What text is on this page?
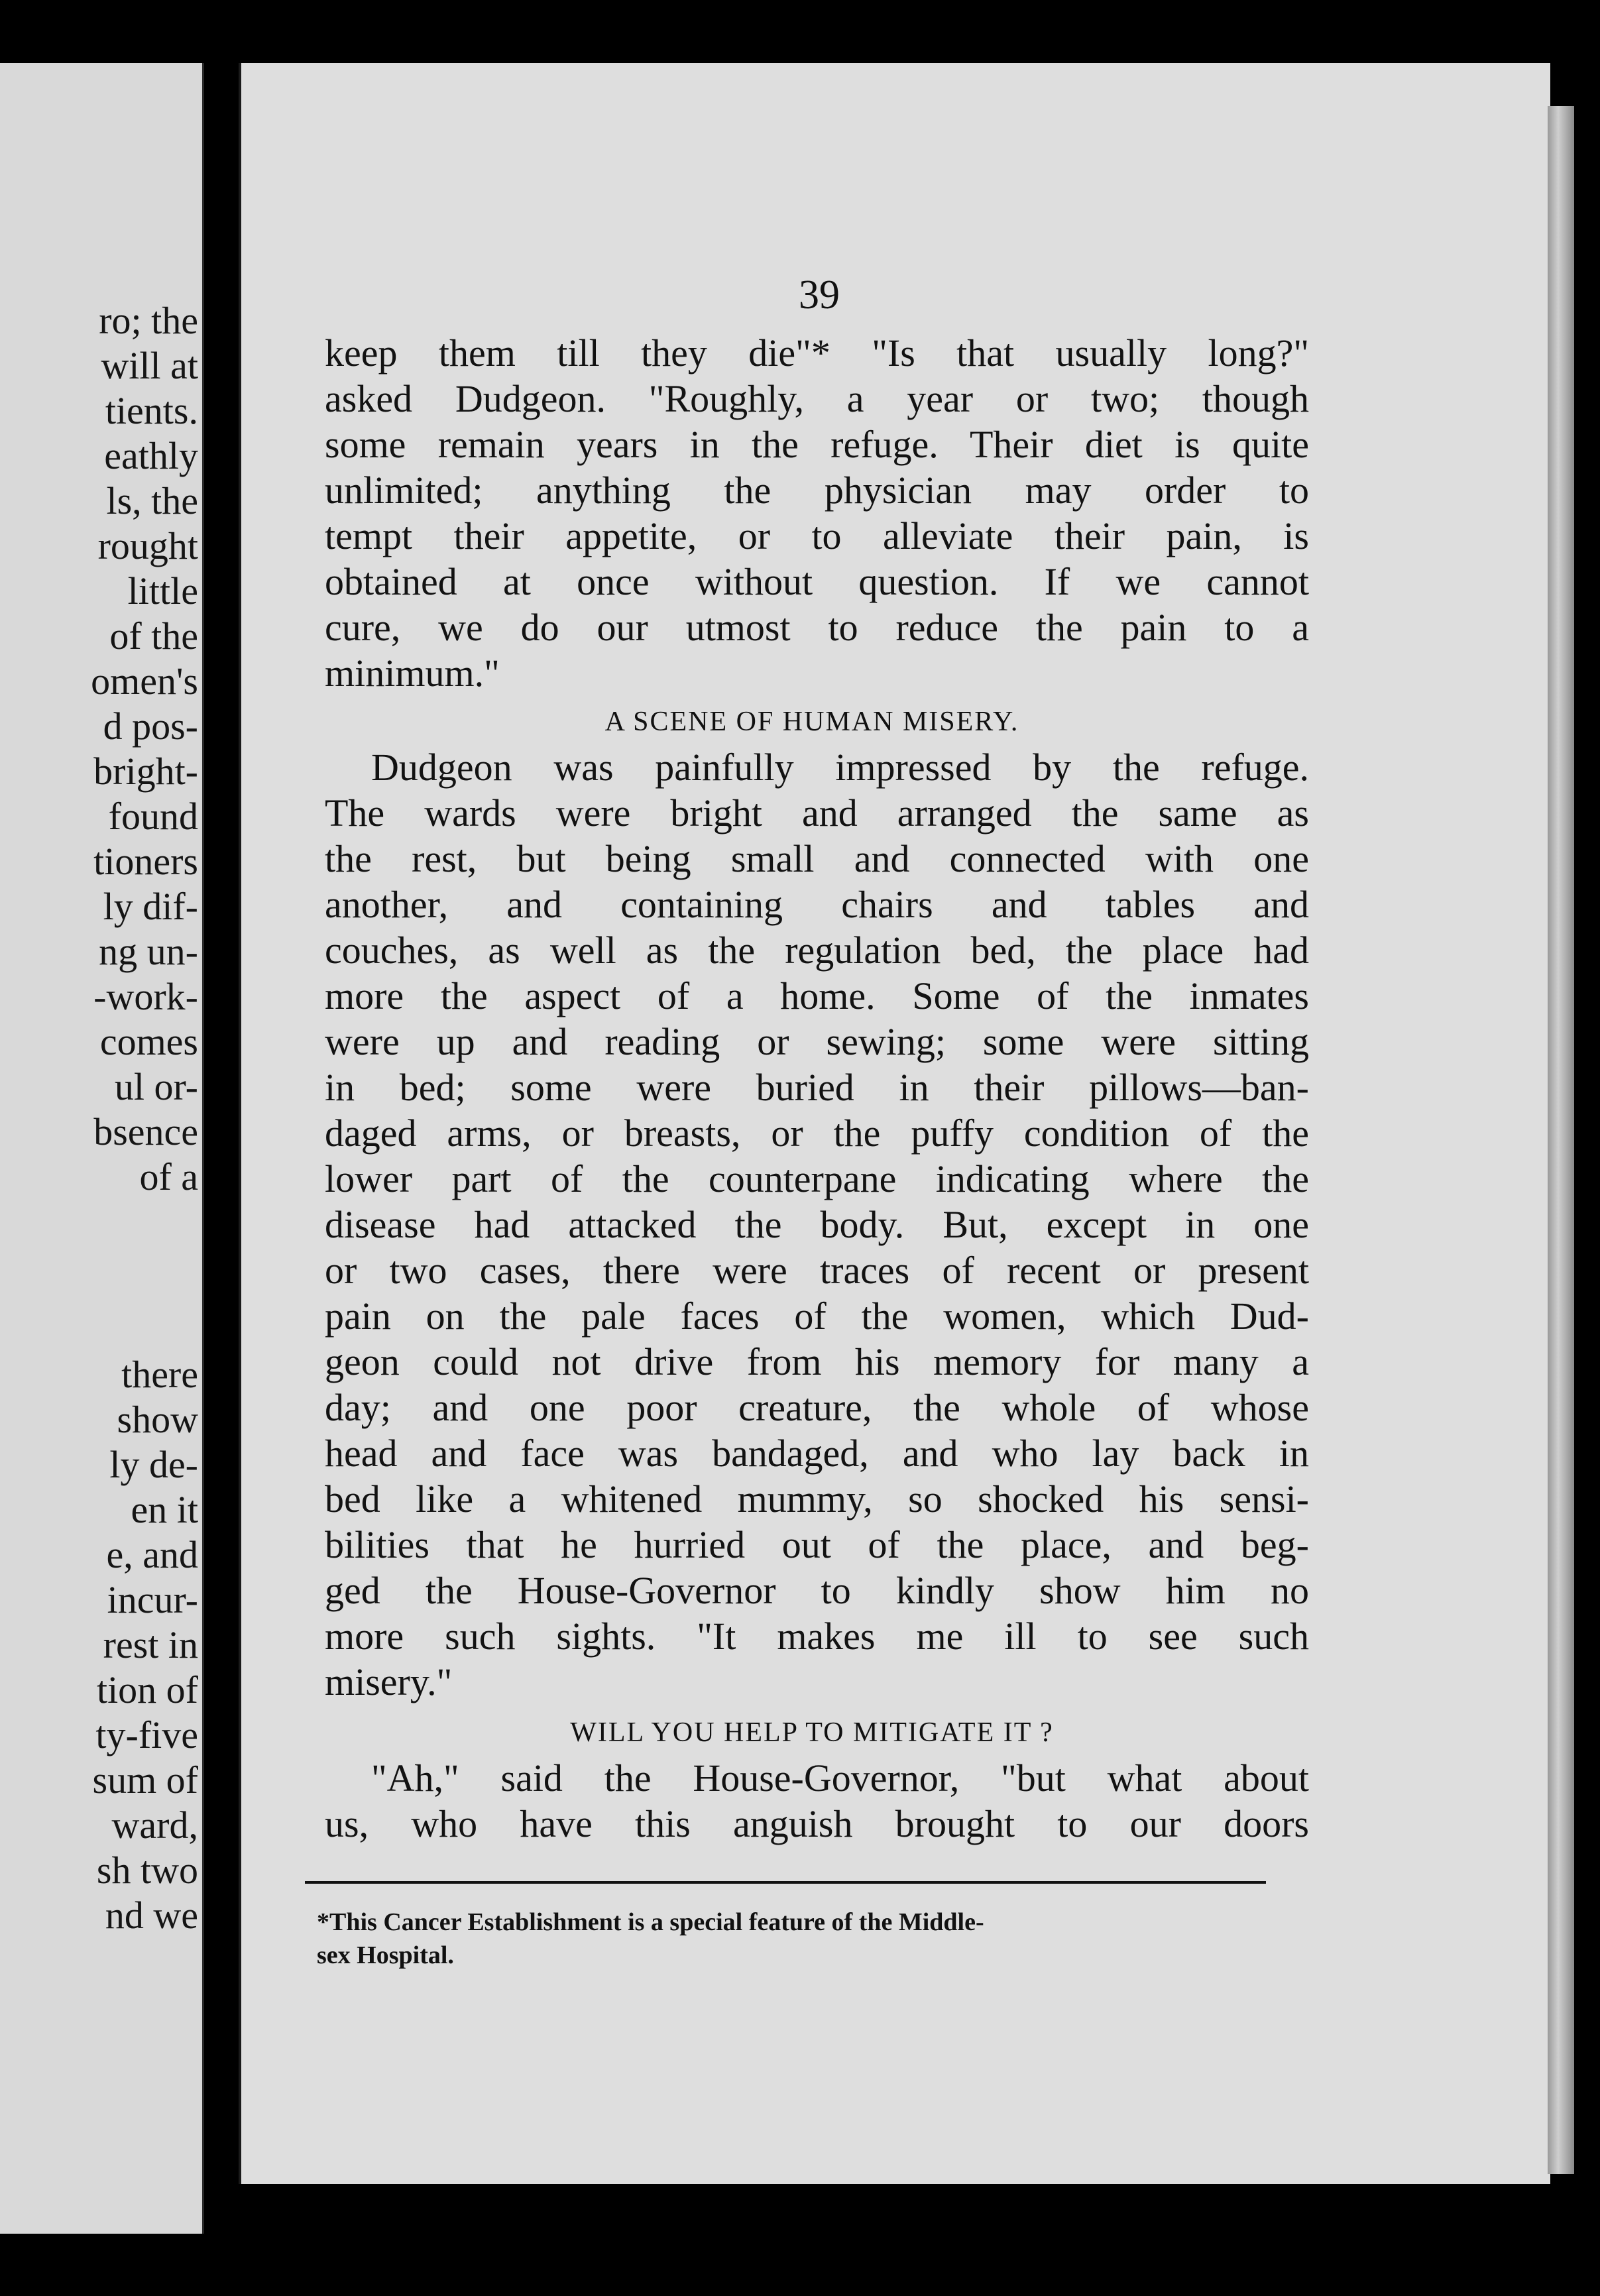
ro; the
will at
tients.
eathly
ls, the
rought
little
of the
omen's
d pos-
bright-
found
tioners
ly dif-
ng un-
-work-
comes
ul or-
bsence
of a
there
show
ly de-
en it
e, and
incur-
rest in
tion of
ty-five
sum of
ward,
sh two
nd we
39
keep them till they die"* "Is that usually long?"
asked Dudgeon. "Roughly, a year or two; though
some remain years in the refuge. Their diet is quite
unlimited; anything the physician may order to
tempt their appetite, or to alleviate their pain, is
obtained at once without question. If we cannot
cure, we do our utmost to reduce the pain to a
minimum."
A SCENE OF HUMAN MISERY.
Dudgeon was painfully impressed by the refuge.
The wards were bright and arranged the same as
the rest, but being small and connected with one
another, and containing chairs and tables and
couches, as well as the regulation bed, the place had
more the aspect of a home. Some of the inmates
were up and reading or sewing; some were sitting
in bed; some were buried in their pillows—ban-
daged arms, or breasts, or the puffy condition of the
lower part of the counterpane indicating where the
disease had attacked the body. But, except in one
or two cases, there were traces of recent or present
pain on the pale faces of the women, which Dud-
geon could not drive from his memory for many a
day; and one poor creature, the whole of whose
head and face was bandaged, and who lay back in
bed like a whitened mummy, so shocked his sensi-
bilities that he hurried out of the place, and beg-
ged the House-Governor to kindly show him no
more such sights. "It makes me ill to see such
misery."
WILL YOU HELP TO MITIGATE IT ?
"Ah," said the House-Governor, "but what about
us, who have this anguish brought to our doors
*This Cancer Establishment is a special feature of the Middle-
sex Hospital.
